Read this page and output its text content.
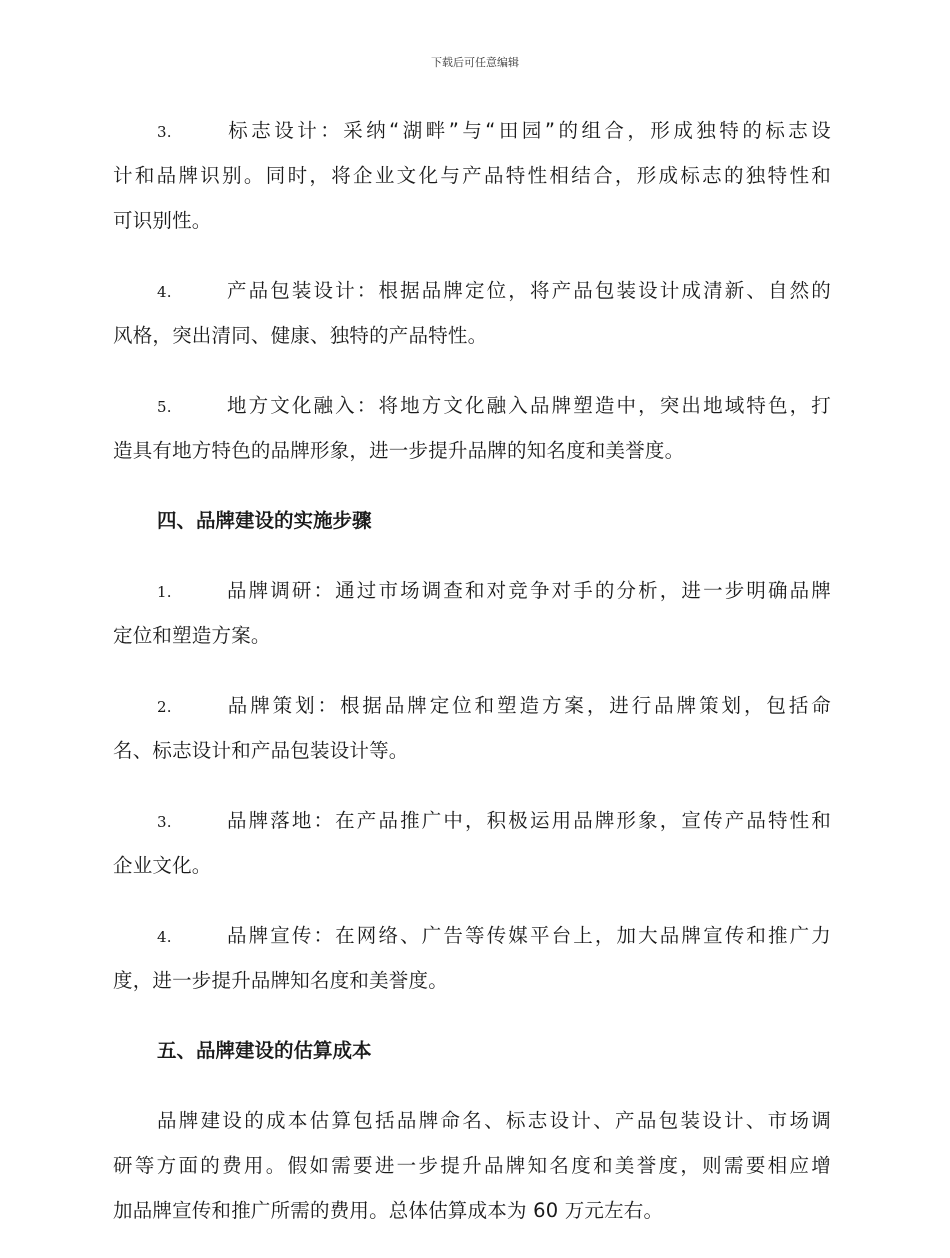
下载后可任意编辑
3.	标志设计：采纳“湖畔”与“田园”的组合，形成独特的标志设
计和品牌识别。同时，将企业文化与产品特性相结合，形成标志的独特性和
可识别性。
4.	产品包装设计：根据品牌定位，将产品包装设计成清新、自然的
风格，突出清同、健康、独特的产品特性。
5.	地方文化融入：将地方文化融入品牌塑造中，突出地域特色，打
造具有地方特色的品牌形象，进一步提升品牌的知名度和美誉度。
四、品牌建设的实施步骤
1.	品牌调研：通过市场调查和对竞争对手的分析，进一步明确品牌
定位和塑造方案。
2.	品牌策划：根据品牌定位和塑造方案，进行品牌策划，包括命
名、标志设计和产品包装设计等。
3.	品牌落地：在产品推广中，积极运用品牌形象，宣传产品特性和
企业文化。
4.	品牌宣传：在网络、广告等传媒平台上，加大品牌宣传和推广力
度，进一步提升品牌知名度和美誉度。
五、品牌建设的估算成本
品牌建设的成本估算包括品牌命名、标志设计、产品包装设计、市场调
研等方面的费用。假如需要进一步提升品牌知名度和美誉度，则需要相应增
加品牌宣传和推广所需的费用。总体估算成本为 60 万元左右。
